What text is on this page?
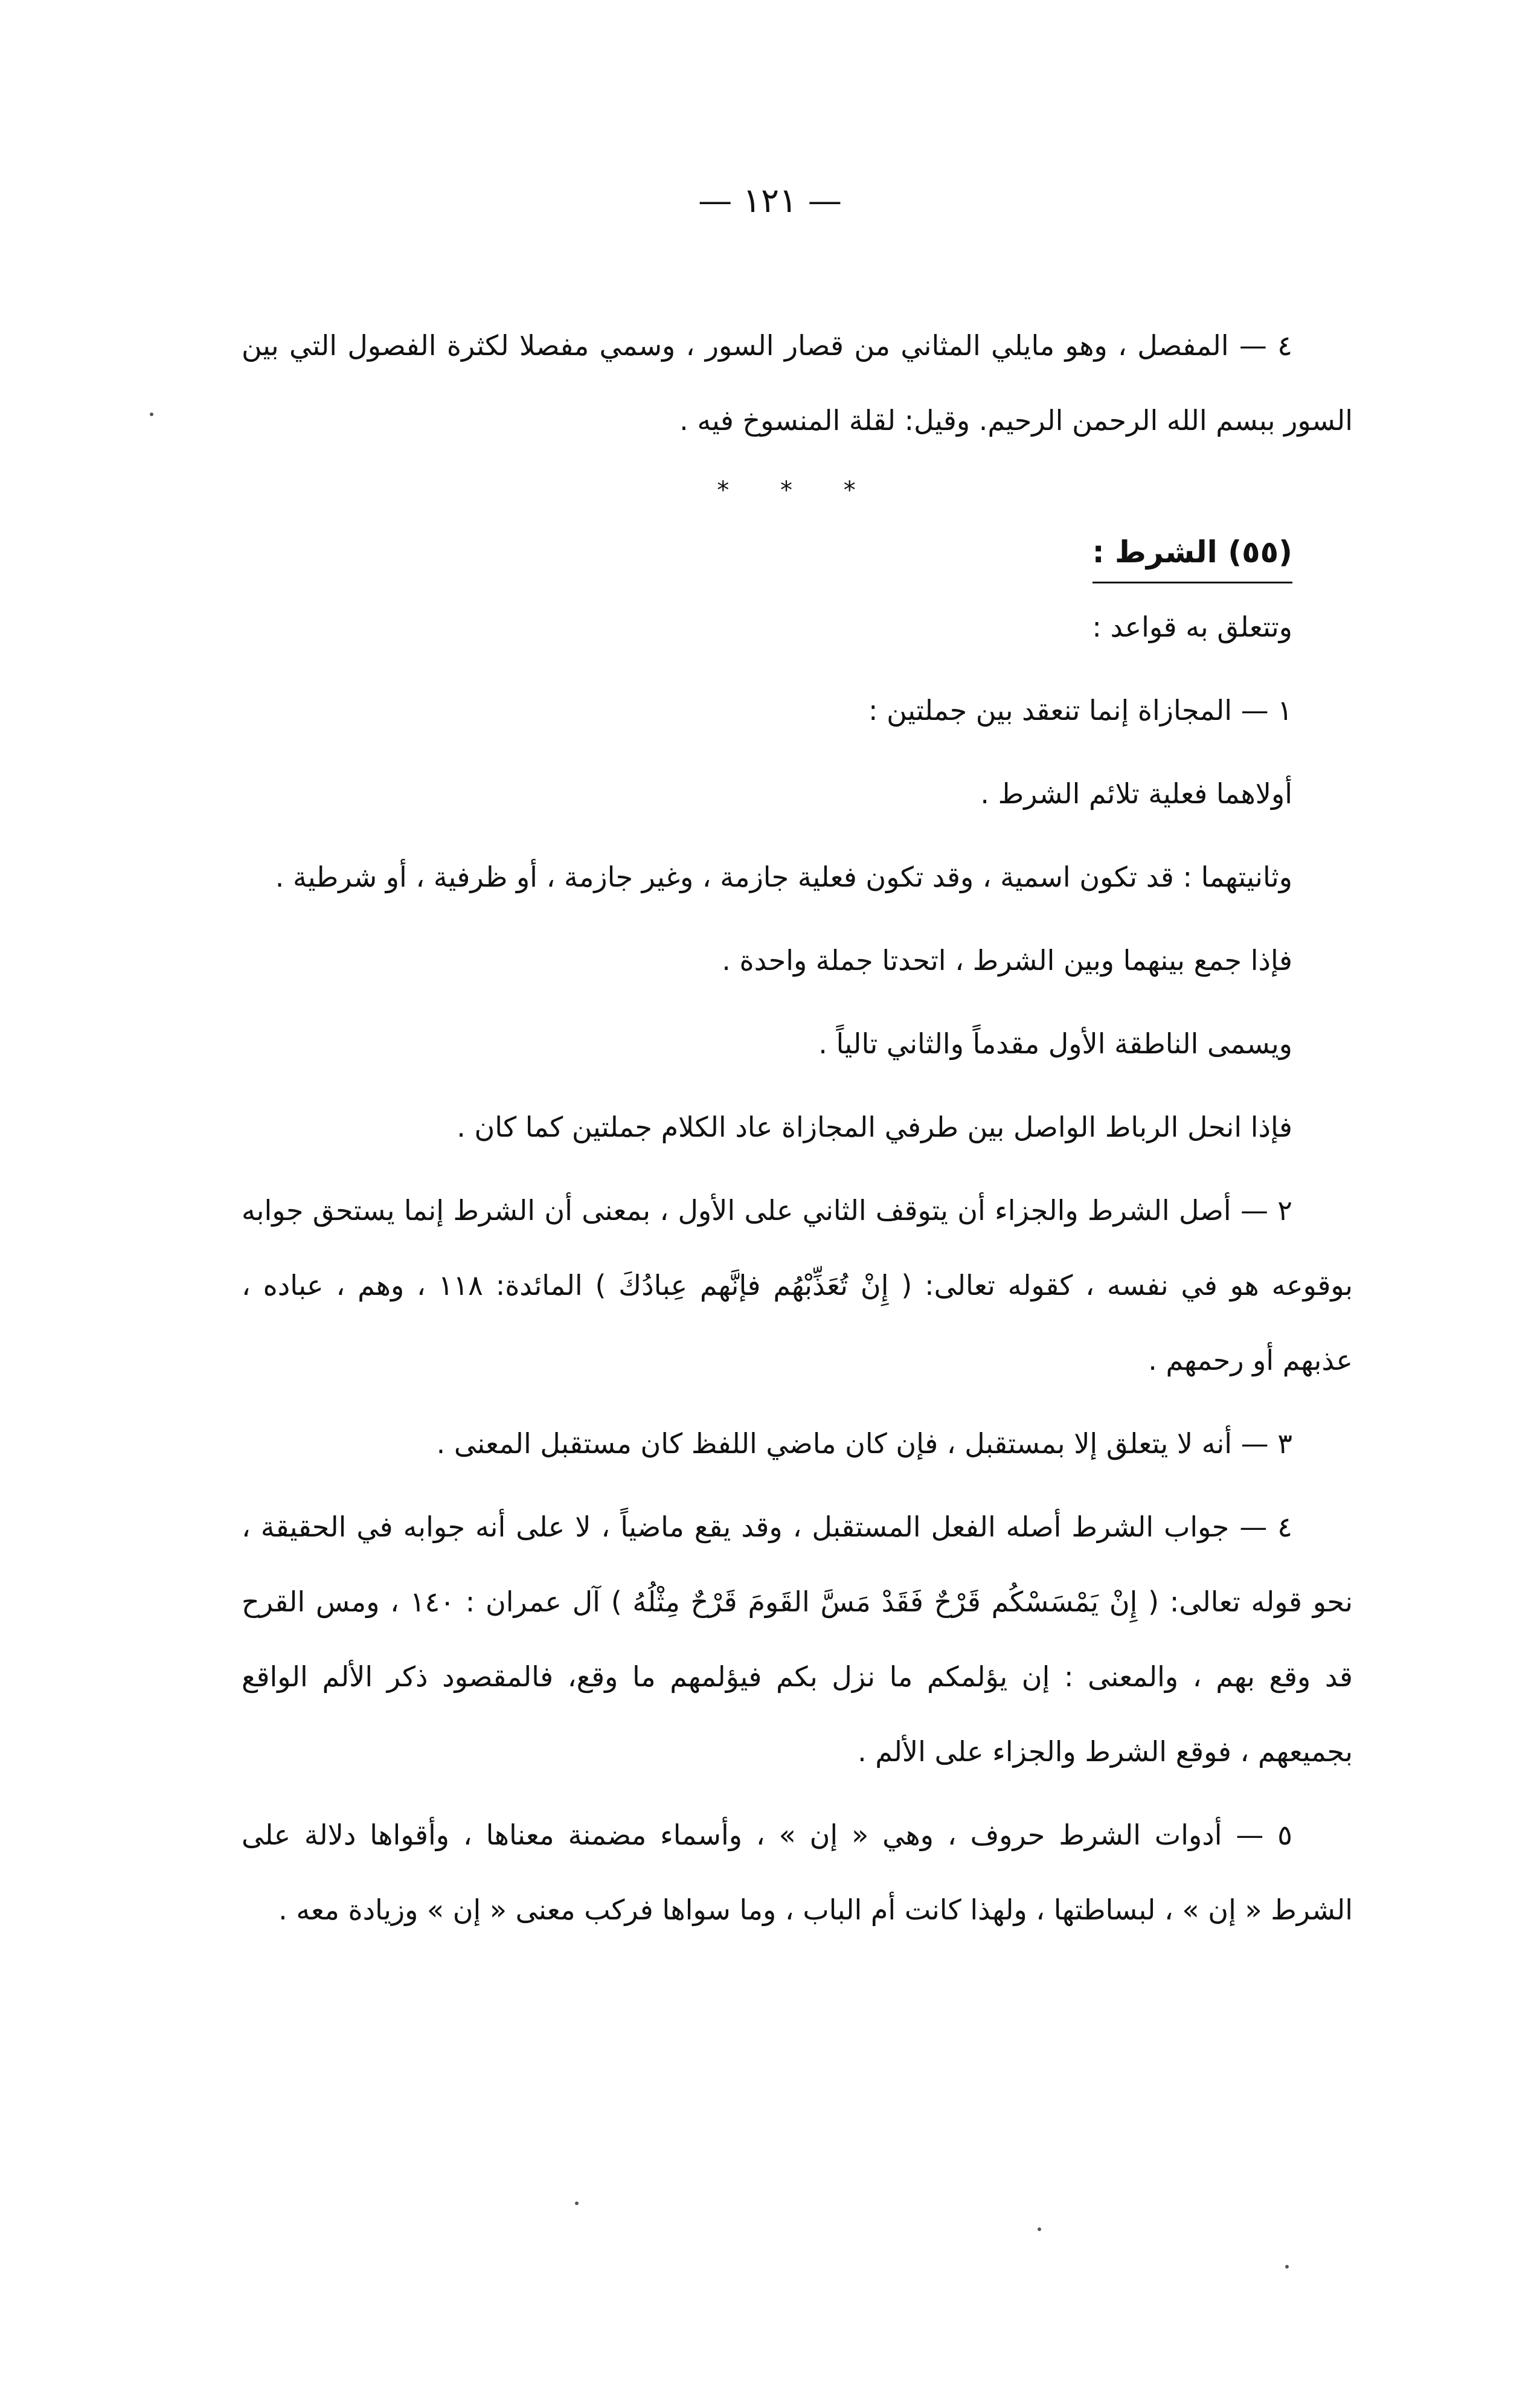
— ١٢١ —

٤ — المفصل ، وهو مايلي المثاني من قصار السور ، وسمي مفصلا لكثرة الفصول التي بين السور ببسم الله الرحمن الرحيم. وقيل: لقلة المنسوخ فيه .

* * *

(٥٥) الشرط :

وتتعلق به قواعد :

١ — المجازاة إنما تنعقد بين جملتين :

أولاهما فعلية تلائم الشرط .

وثانيتهما : قد تكون اسمية ، وقد تكون فعلية جازمة ، وغير جازمة ، أو ظرفية ، أو شرطية .

فإذا جمع بينهما وبين الشرط ، اتحدتا جملة واحدة .

ويسمى الناطقة الأول مقدماً والثاني تالياً .

فإذا انحل الرباط الواصل بين طرفي المجازاة عاد الكلام جملتين كما كان .

٢ — أصل الشرط والجزاء أن يتوقف الثاني على الأول ، بمعنى أن الشرط إنما يستحق جوابه بوقوعه هو في نفسه ، كقوله تعالى: ( إِنْ تُعَذِّبْهُم فإنَّهم عِبادُكَ ) المائدة: ١١٨ ، وهم ، عباده ، عذبهم أو رحمهم .

٣ — أنه لا يتعلق إلا بمستقبل ، فإن كان ماضي اللفظ كان مستقبل المعنى .

٤ — جواب الشرط أصله الفعل المستقبل ، وقد يقع ماضياً ، لا على أنه جوابه في الحقيقة ، نحو قوله تعالى: ( إِنْ يَمْسَسْكُم قَرْحٌ فَقَدْ مَسَّ القَومَ قَرْحٌ مِثْلُهُ ) آل عمران : ١٤٠ ، ومس القرح قد وقع بهم ، والمعنى : إن يؤلمكم ما نزل بكم فيؤلمهم ما وقع، فالمقصود ذكر الألم الواقع بجميعهم ، فوقع الشرط والجزاء على الألم .

٥ — أدوات الشرط حروف ، وهي « إن » ، وأسماء مضمنة معناها ، وأقواها دلالة على الشرط « إن » ، لبساطتها ، ولهذا كانت أم الباب ، وما سواها فركب معنى « إن » وزيادة معه .
